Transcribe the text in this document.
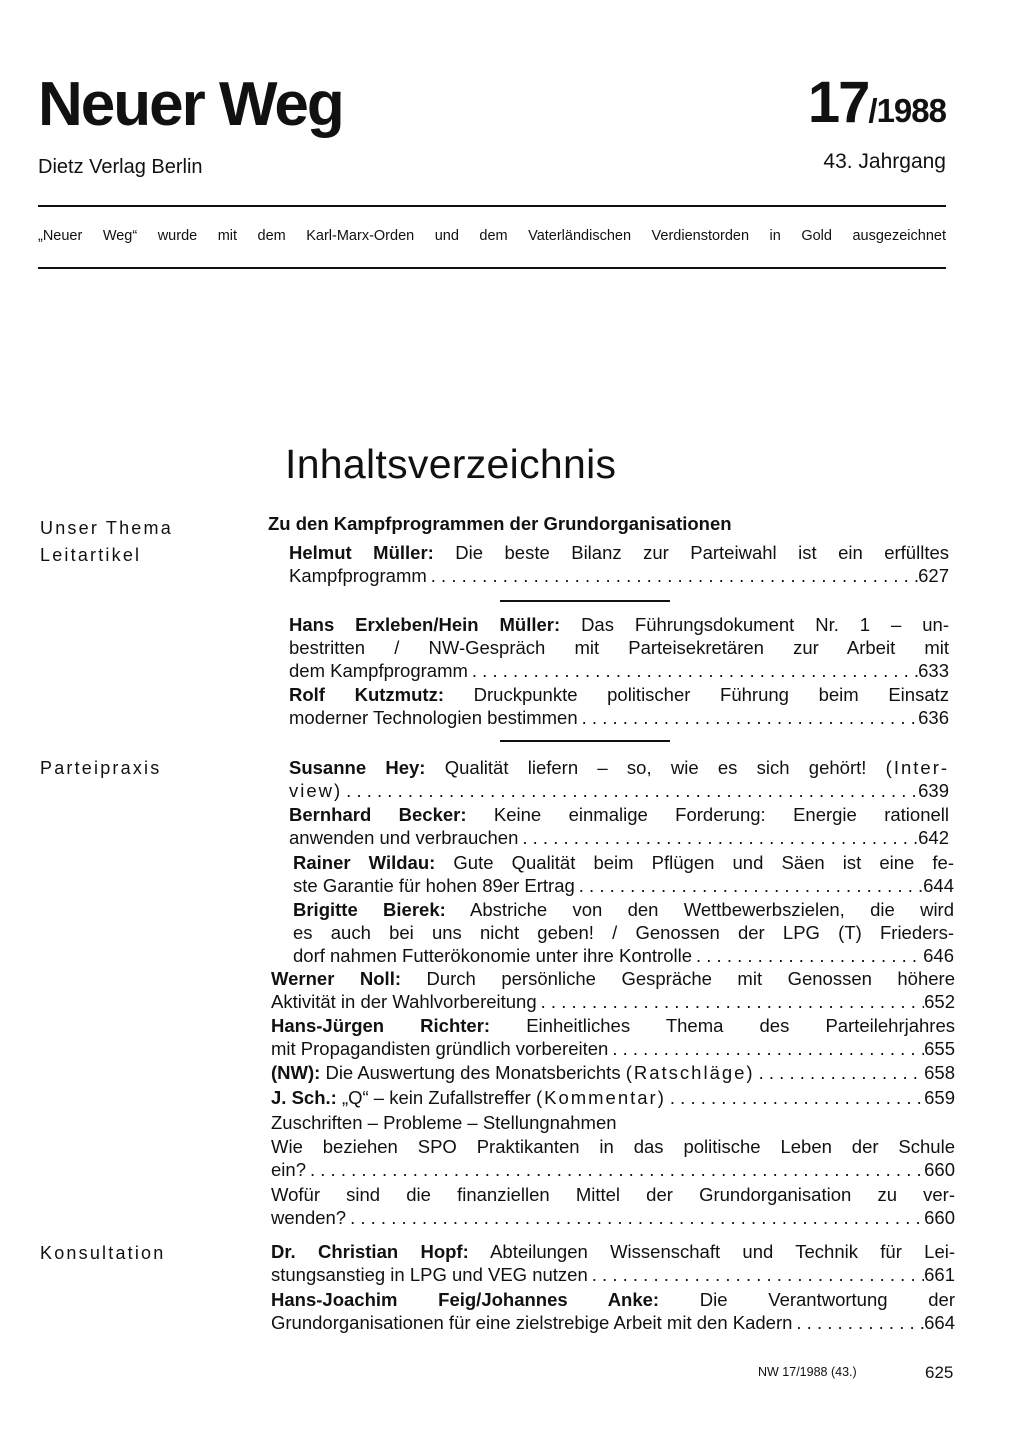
Neuer Weg
Dietz Verlag Berlin
17/1988
43. Jahrgang
„Neuer Weg“ wurde mit dem Karl-Marx-Orden und dem Vaterländischen Verdienstorden in Gold ausgezeichnet
Inhaltsverzeichnis
Unser Thema
Leitartikel
Parteipraxis
Konsultation
Zu den Kampfprogrammen der Grundorganisationen
Helmut Müller: Die beste Bilanz zur Parteiwahl ist ein erfülltes
Kampfprogramm . . .	627
Hans Erxleben/Hein Müller: Das Führungsdokument Nr. 1 – un-
bestritten / NW-Gespräch mit Parteisekretären zur Arbeit mit
dem Kampfprogramm . . .	633
Rolf Kutzmutz: Druckpunkte politischer Führung beim Einsatz
moderner Technologien bestimmen . . .	636
Susanne Hey: Qualität liefern – so, wie es sich gehört! (Inter-
view) . . .	639
Bernhard Becker: Keine einmalige Forderung: Energie rationell
anwenden und verbrauchen . . .	642
Rainer Wildau: Gute Qualität beim Pflügen und Säen ist eine fe-
ste Garantie für hohen 89er Ertrag . . .	644
Brigitte Bierek: Abstriche von den Wettbewerbszielen, die wird
es auch bei uns nicht geben! / Genossen der LPG (T) Frieders-
dorf nahmen Futterökonomie unter ihre Kontrolle . . .	646
Werner Noll: Durch persönliche Gespräche mit Genossen höhere
Aktivität in der Wahlvorbereitung . . .	652
Hans-Jürgen Richter: Einheitliches Thema des Parteilehrjahres
mit Propagandisten gründlich vorbereiten . . .	655
(NW): Die Auswertung des Monatsberichts (Ratschläge) . . .	658
J. Sch.: „Q“ – kein Zufallstreffer (Kommentar) . . .	659
Zuschriften – Probleme – Stellungnahmen
Wie beziehen SPO Praktikanten in das politische Leben der Schule
ein? . . .	660
Wofür sind die finanziellen Mittel der Grundorganisation zu ver-
wenden? . . .	660
Dr. Christian Hopf: Abteilungen Wissenschaft und Technik für Lei-
stungsanstieg in LPG und VEG nutzen . . .	661
Hans-Joachim Feig/Johannes Anke: Die Verantwortung der
Grundorganisationen für eine zielstrebige Arbeit mit den Kadern . . .	664
NW 17/1988 (43.)	625
